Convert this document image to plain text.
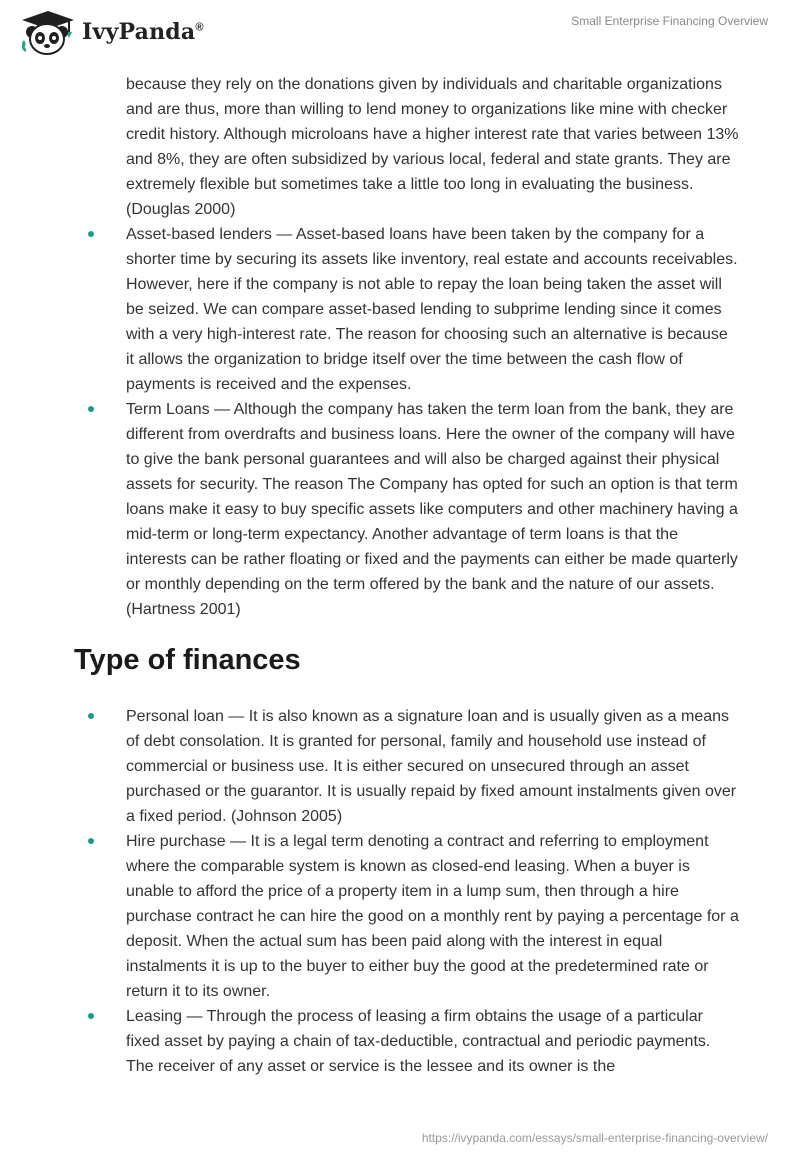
IvyPanda®	Small Enterprise Financing Overview
because they rely on the donations given by individuals and charitable organizations and are thus, more than willing to lend money to organizations like mine with checker credit history. Although microloans have a higher interest rate that varies between 13% and 8%, they are often subsidized by various local, federal and state grants. They are extremely flexible but sometimes take a little too long in evaluating the business. (Douglas 2000)
Asset-based lenders — Asset-based loans have been taken by the company for a shorter time by securing its assets like inventory, real estate and accounts receivables. However, here if the company is not able to repay the loan being taken the asset will be seized. We can compare asset-based lending to subprime lending since it comes with a very high-interest rate. The reason for choosing such an alternative is because it allows the organization to bridge itself over the time between the cash flow of payments is received and the expenses.
Term Loans — Although the company has taken the term loan from the bank, they are different from overdrafts and business loans. Here the owner of the company will have to give the bank personal guarantees and will also be charged against their physical assets for security. The reason The Company has opted for such an option is that term loans make it easy to buy specific assets like computers and other machinery having a mid-term or long-term expectancy. Another advantage of term loans is that the interests can be rather floating or fixed and the payments can either be made quarterly or monthly depending on the term offered by the bank and the nature of our assets. (Hartness 2001)
Type of finances
Personal loan — It is also known as a signature loan and is usually given as a means of debt consolation. It is granted for personal, family and household use instead of commercial or business use. It is either secured on unsecured through an asset purchased or the guarantor. It is usually repaid by fixed amount instalments given over a fixed period. (Johnson 2005)
Hire purchase — It is a legal term denoting a contract and referring to employment where the comparable system is known as closed-end leasing. When a buyer is unable to afford the price of a property item in a lump sum, then through a hire purchase contract he can hire the good on a monthly rent by paying a percentage for a deposit. When the actual sum has been paid along with the interest in equal instalments it is up to the buyer to either buy the good at the predetermined rate or return it to its owner.
Leasing — Through the process of leasing a firm obtains the usage of a particular fixed asset by paying a chain of tax-deductible, contractual and periodic payments. The receiver of any asset or service is the lessee and its owner is the
https://ivypanda.com/essays/small-enterprise-financing-overview/
